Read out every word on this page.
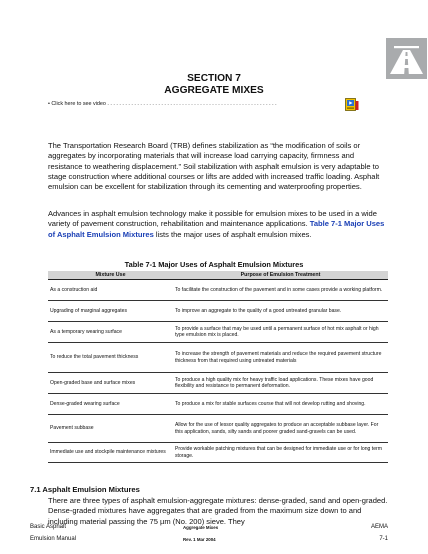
SECTION 7
AGGREGATE MIXES
• Click here to see video . . . . . . . . . . . . . . . . . . . . . . . . . . . . . . . . . . . . . . . . . . . . . . . . . . . . . . . . .

The Transportation Research Board (TRB) defines stabilization as “the modification of soils or aggregates by incorporating materials that will increase load carrying capacity, firmness and resistance to weathering displacement.” Soil stabilization with asphalt emulsion is very adaptable to stage construction where additional courses or lifts are added with increased traffic loading. Asphalt emulsion can be excellent for stabilization through its cementing and waterproofing properties.

Advances in asphalt emulsion technology make it possible for emulsion mixes to be used in a wide variety of pavement construction, rehabilitation and maintenance applications. Table 7-1 Major Uses of Asphalt Emulsion Mixtures lists the major uses of asphalt emulsion mixes.

Table 7-1 Major Uses of Asphalt Emulsion Mixtures
Mixture Use	Purpose of Emulsion Treatment
As a construction aid	To facilitate the construction of the pavement and in some cases provide a working platform.
Upgrading of marginal aggregates	To improve an aggregate to the quality of a good untreated granular base.
As a temporary wearing surface	To provide a surface that may be used until a permanent surface of hot mix asphalt or high type emulsion mix is placed.
To reduce the total pavement thickness	To increase the strength of pavement materials and reduce the required pavement structure thickness from that required using untreated materials
Open-graded base and surface mixes	To produce a high quality mix for heavy traffic load applications. These mixes have good flexibility and resistance to permanent deformation.
Dense-graded wearing surface	To produce a mix for stable surfaces course that will not develop rutting and shoving.
Pavement subbase	Allow for the use of lessor quality aggregates to produce an acceptable subbase layer. For this application, sands, silty sands and poorer graded sand-gravels can be used.
Immediate use and stockpile maintenance mixtures	Provide workable patching mixtures that can be designed for immediate use or for long term storage.
7.1 Asphalt Emulsion Mixtures

There are three types of asphalt emulsion-aggregate mixtures: dense-graded, sand and open-graded. Dense-graded mixtures have aggregates that are graded from the maximum size down to and including material passing the 75 µm (No. 200) sieve. They

Basic Asphalt
Emulsion Manual
Aggregate Mixes
Rev. 1 Mar 2004
AEMA
7-1
